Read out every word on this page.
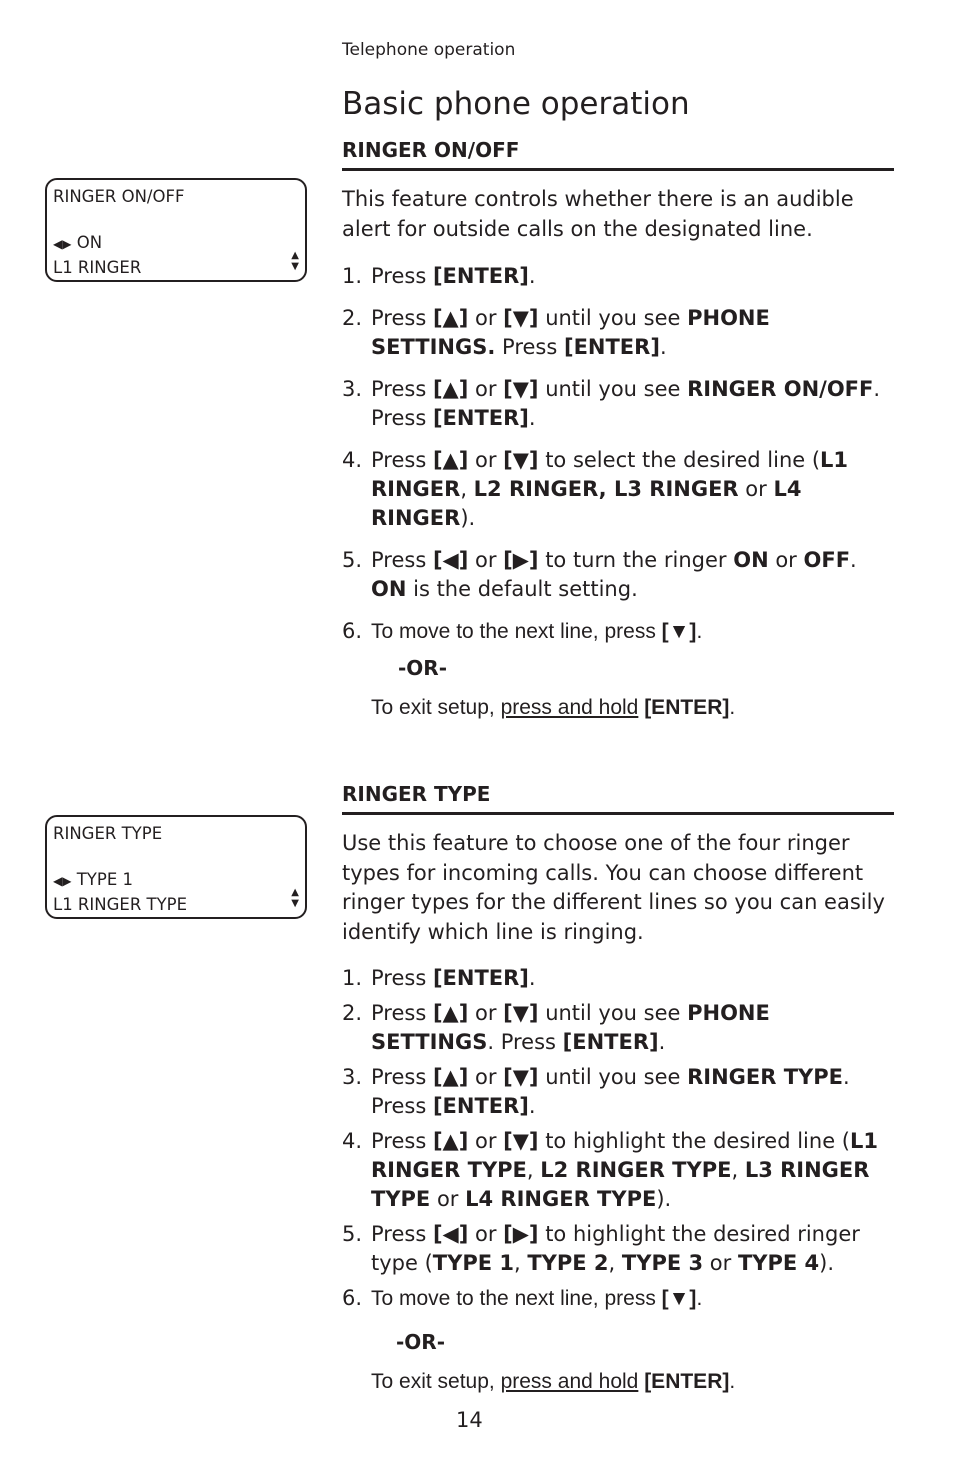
Telephone operation
Basic phone operation
RINGER ON/OFF
RINGER ON/OFF
◀▶ ON
L1 RINGER
▲
▼
This feature controls whether there is an audible alert for outside calls on the designated line.
1. Press [ENTER].
2. Press [▲] or [▼] until you see PHONE SETTINGS. Press [ENTER].
3. Press [▲] or [▼] until you see RINGER ON/OFF. Press [ENTER].
4. Press [▲] or [▼] to select the desired line (L1 RINGER, L2 RINGER, L3 RINGER or L4 RINGER).
5. Press [◀] or [▶] to turn the ringer ON or OFF. ON is the default setting.
6. To move to the next line, press [▼].
-OR-
To exit setup, press and hold [ENTER].
RINGER TYPE
RINGER TYPE
◀▶ TYPE 1
L1 RINGER TYPE
▲
▼
Use this feature to choose one of the four ringer types for incoming calls. You can choose different ringer types for the different lines so you can easily identify which line is ringing.
1. Press [ENTER].
2. Press [▲] or [▼] until you see PHONE SETTINGS. Press [ENTER].
3. Press [▲] or [▼] until you see RINGER TYPE. Press [ENTER].
4. Press [▲] or [▼] to highlight the desired line (L1 RINGER TYPE, L2 RINGER TYPE, L3 RINGER TYPE or L4 RINGER TYPE).
5. Press [◀] or [▶] to highlight the desired ringer type (TYPE 1, TYPE 2, TYPE 3 or TYPE 4).
6. To move to the next line, press [▼].
-OR-
To exit setup, press and hold [ENTER].
14
